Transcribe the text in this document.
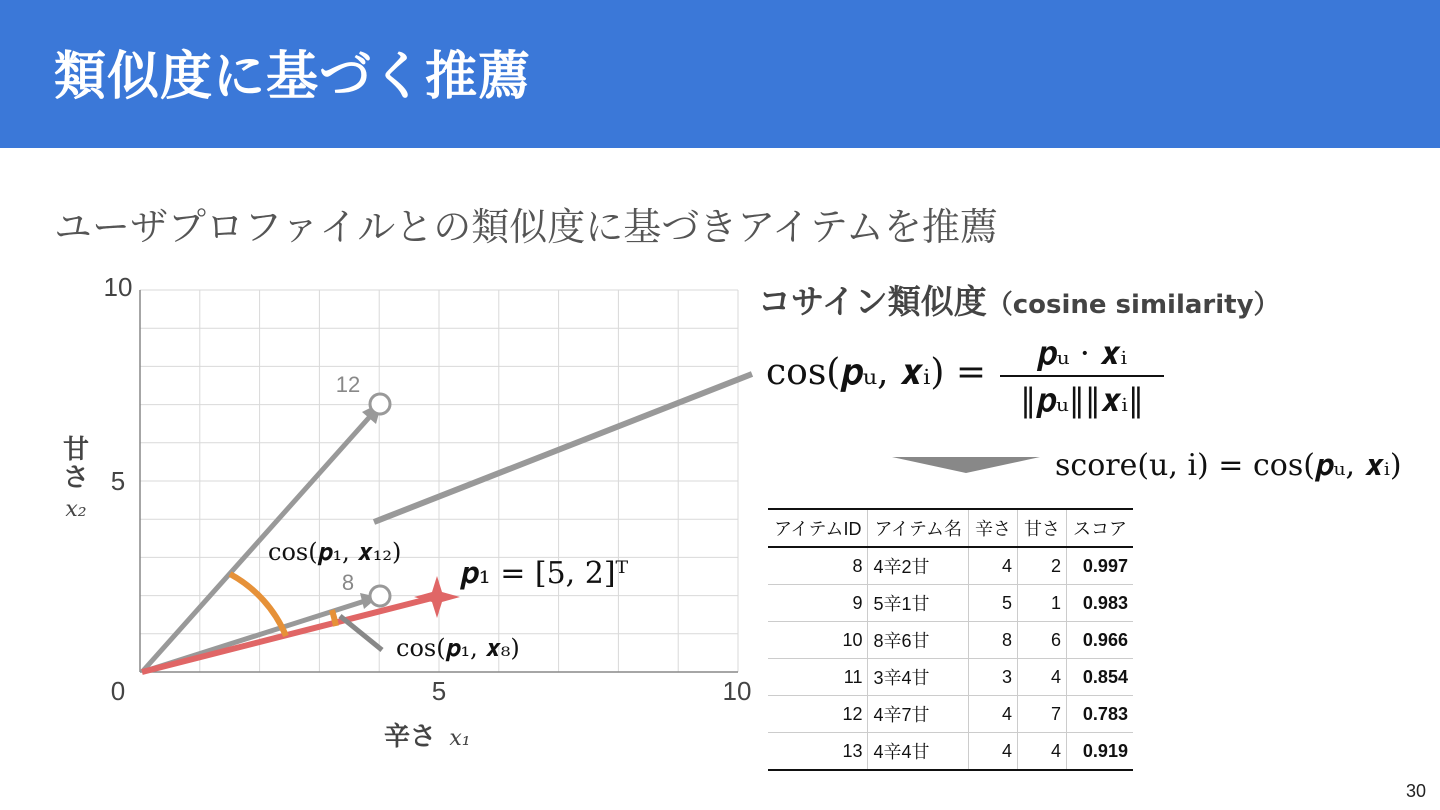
類似度に基づく推薦
ユーザプロファイルとの類似度に基づきアイテムを推薦
0	5	10
5
10
辛さ x₁
甘
さ
x₂
12
8
cos(𝒑₁, 𝒙₁₂)
cos(𝒑₁, 𝒙₈)
𝒑₁ = [5, 2]ᵀ
コサイン類似度（cosine similarity）
cos(𝒑ᵤ, 𝒙ᵢ) =	𝒑ᵤ · 𝒙ᵢ
‖𝒑ᵤ‖‖𝒙ᵢ‖
score(u, i) = cos(𝒑ᵤ, 𝒙ᵢ)
アイテムID	アイテム名	辛さ	甘さ	スコア
8	4辛2甘	4	2	0.997
9	5辛1甘	5	1	0.983
10	8辛6甘	8	6	0.966
11	3辛4甘	3	4	0.854
12	4辛7甘	4	7	0.783
13	4辛4甘	4	4	0.919
30
